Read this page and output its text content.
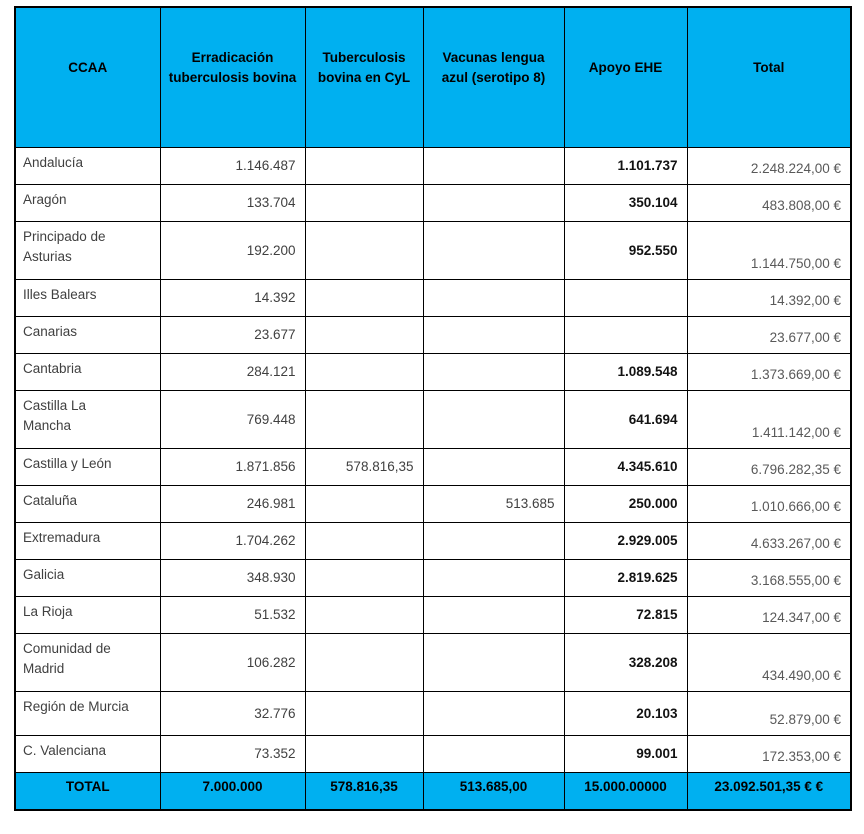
CCAA	Erradicación tuberculosis bovina	Tuberculosis bovina en CyL	Vacunas lengua azul (serotipo 8)	Apoyo EHE	Total
Andalucía	1.146.487			1.101.737	2.248.224,00 €
Aragón	133.704			350.104	483.808,00 €
Principado de Asturias	192.200			952.550	1.144.750,00 €
Illes Balears	14.392				14.392,00 €
Canarias	23.677				23.677,00 €
Cantabria	284.121			1.089.548	1.373.669,00 €
Castilla La Mancha	769.448			641.694	1.411.142,00 €
Castilla y León	1.871.856	578.816,35		4.345.610	6.796.282,35 €
Cataluña	246.981		513.685	250.000	1.010.666,00 €
Extremadura	1.704.262			2.929.005	4.633.267,00 €
Galicia	348.930			2.819.625	3.168.555,00 €
La Rioja	51.532			72.815	124.347,00 €
Comunidad de Madrid	106.282			328.208	434.490,00 €
Región de Murcia	32.776			20.103	52.879,00 €
C. Valenciana	73.352			99.001	172.353,00 €
TOTAL	7.000.000	578.816,35	513.685,00	15.000.00000	23.092.501,35 € €
